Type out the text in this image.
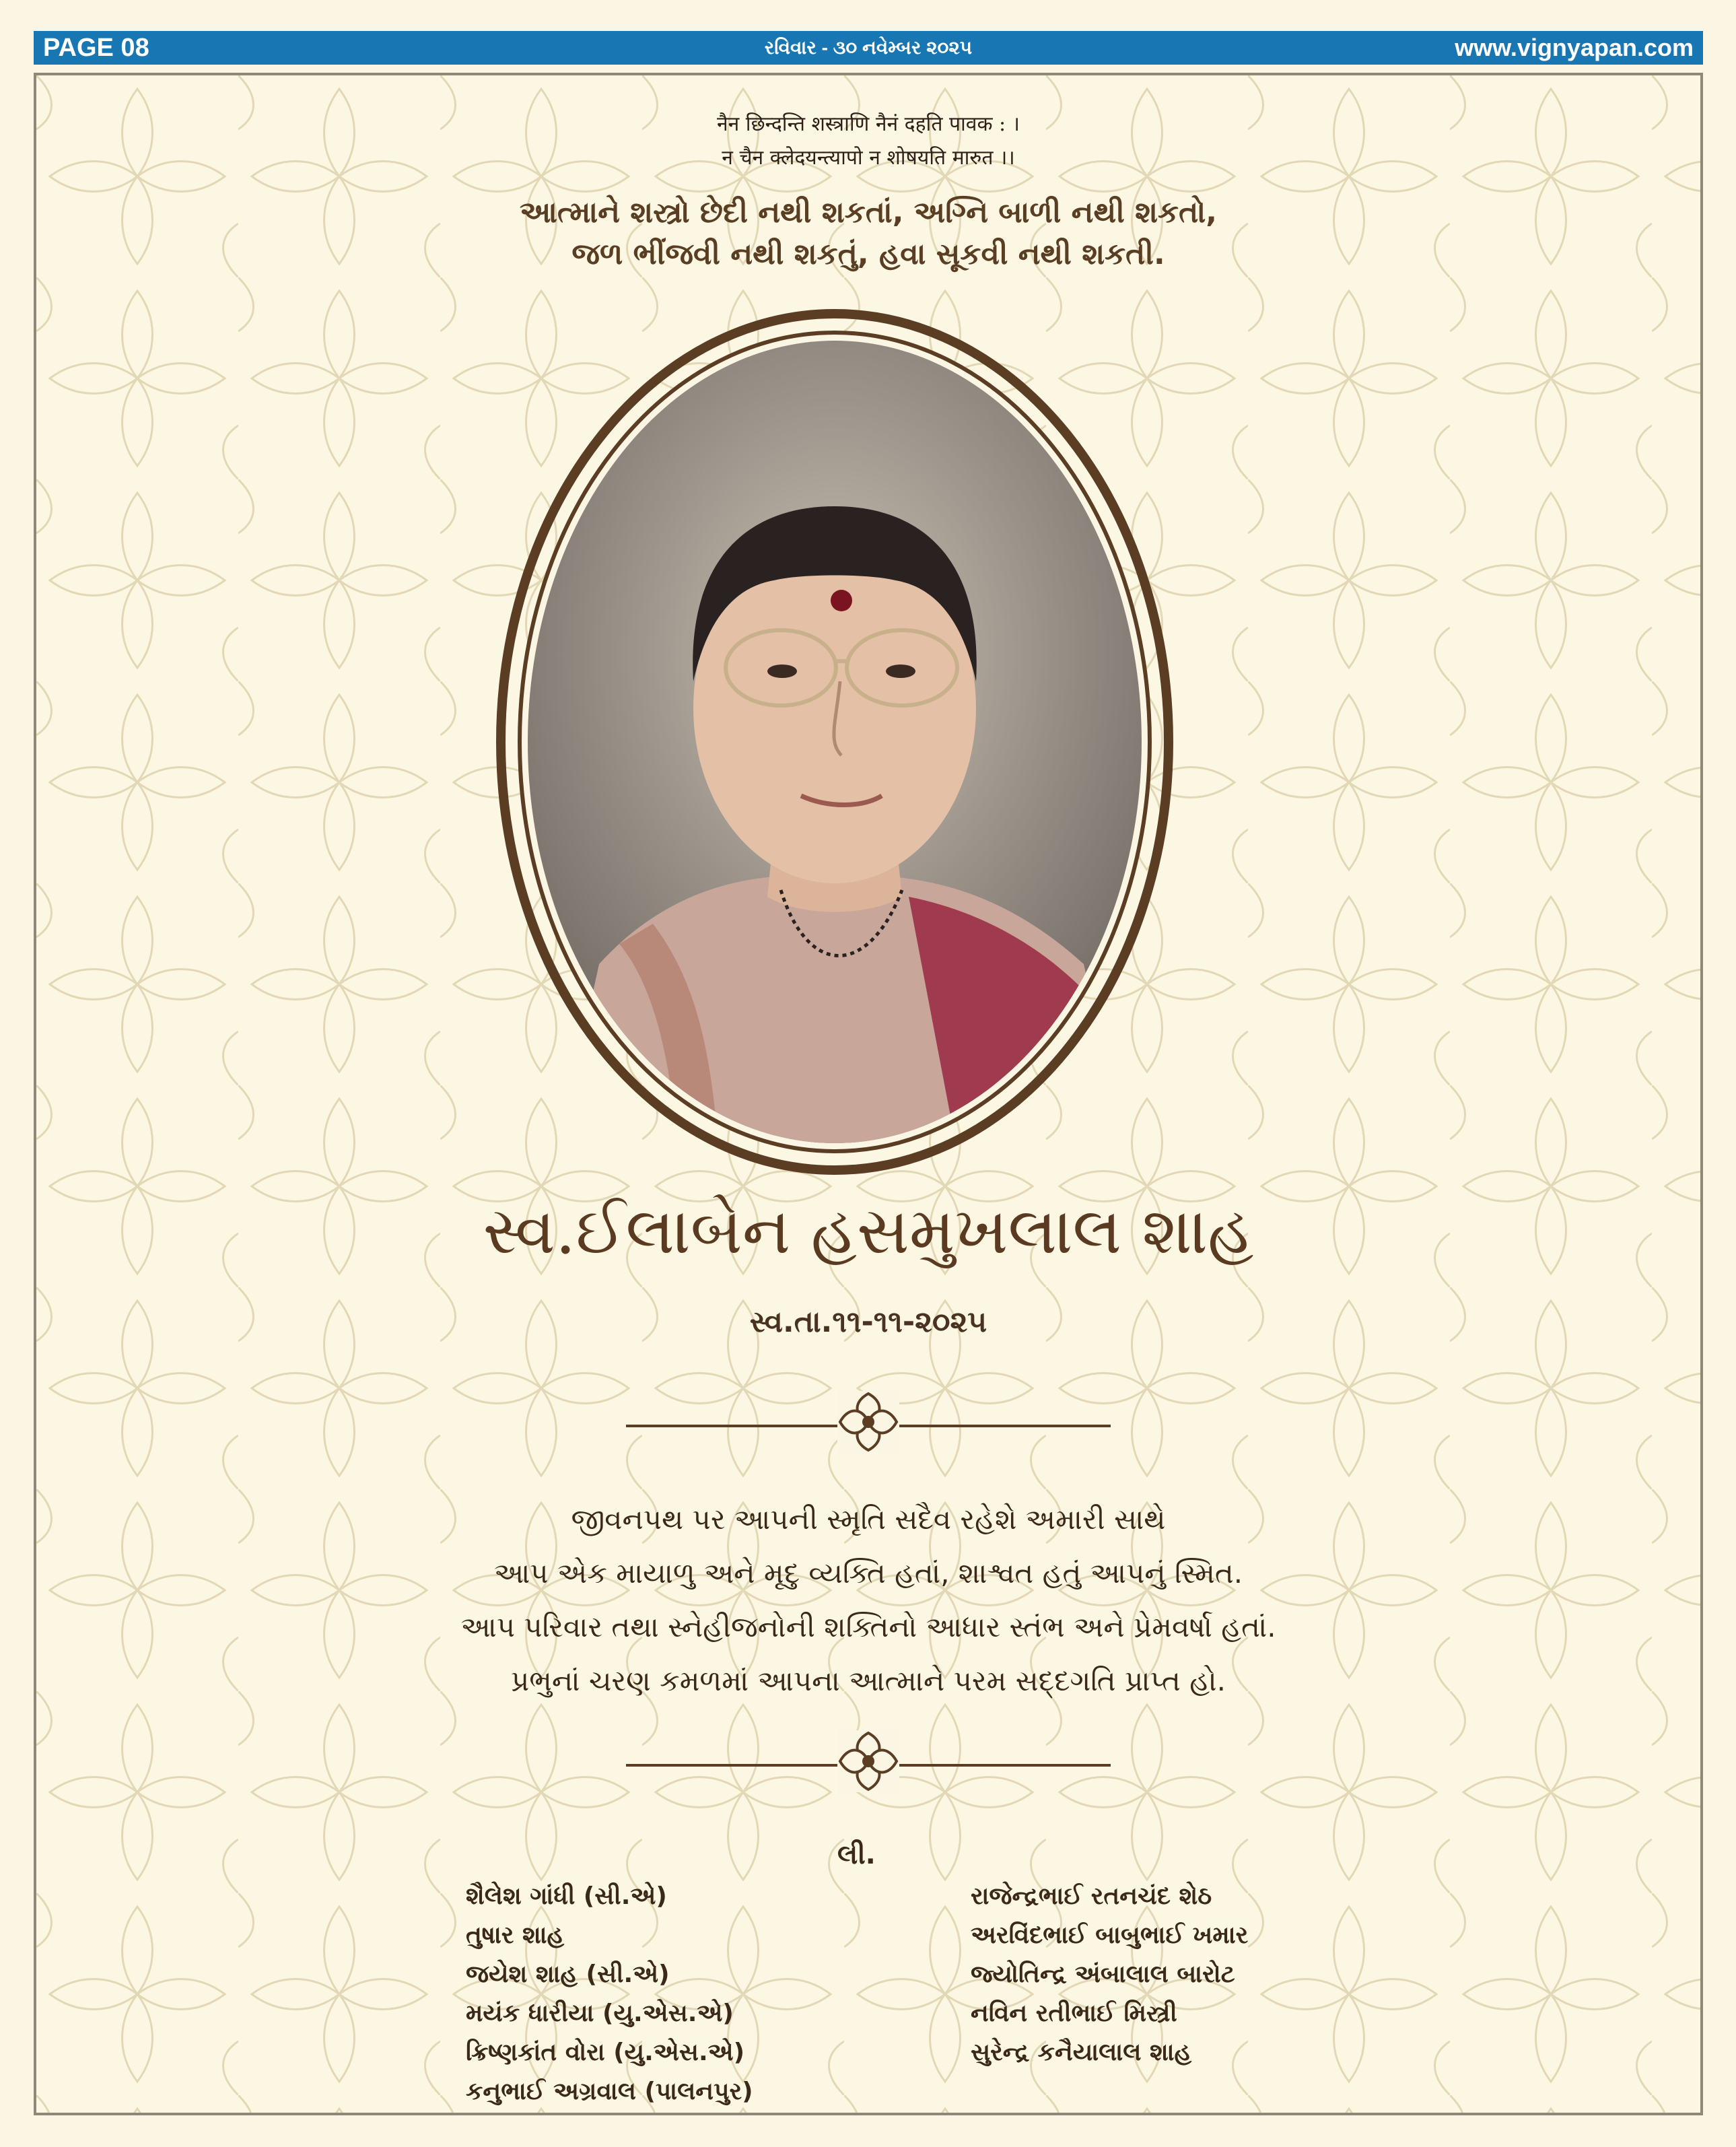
રવિવાર - ૩૦ નવેમ્બર ૨૦૨૫
PAGE 08	www.vignyapan.com
नैन छिन्दन्ति शस्त्राणि नैनं दहति पावक : ।
न चैन क्लेदयन्त्यापो न शोषयति मारुत ।।
આત્માને શસ્ત્રો છેદી નથી શકતાં, અગ્નિ બાળી નથી શકતો,
જળ ભીંજવી નથી શકતું, હવા સૂકવી નથી શકતી.
સ્વ.ઈલાબેન હસમુખલાલ શાહ
સ્વ.તા.૧૧-૧૧-૨૦૨૫
જીવનપથ પર આપની સ્મૃતિ સદૈવ રહેશે અમારી સાથે
આપ એક માયાળુ અને મૃદુ વ્યક્તિ હતાં, શાશ્વત હતું આપનું સ્મિત.
આપ પરિવાર તથા સ્નેહીજનોની શક્તિનો આધાર સ્તંભ અને પ્રેમવર્ષા હતાં.
પ્રભુનાં ચરણ કમળમાં આપના આત્માને પરમ સદ્દગતિ પ્રાપ્ત હો.
લી.
શૈલેશ ગાંધી (સી.એ)
તુષાર શાહ
જયેશ શાહ (સી.એ)
મયંક ધારીયા (યુ.એસ.એ)
ક્રિષ્ણકાંત વોરા (યુ.એસ.એ)
કનુભાઈ અગ્રવાલ (પાલનપુર)
રાજેન્દ્રભાઈ રતનચંદ શેઠ
અરવિંદભાઈ બાબુભાઈ ખમાર
જ્યોતિન્દ્ર અંબાલાલ બારોટ
નવિન રતીભાઈ મિસ્ત્રી
સુરેન્દ્ર કનૈયાલાલ શાહ
